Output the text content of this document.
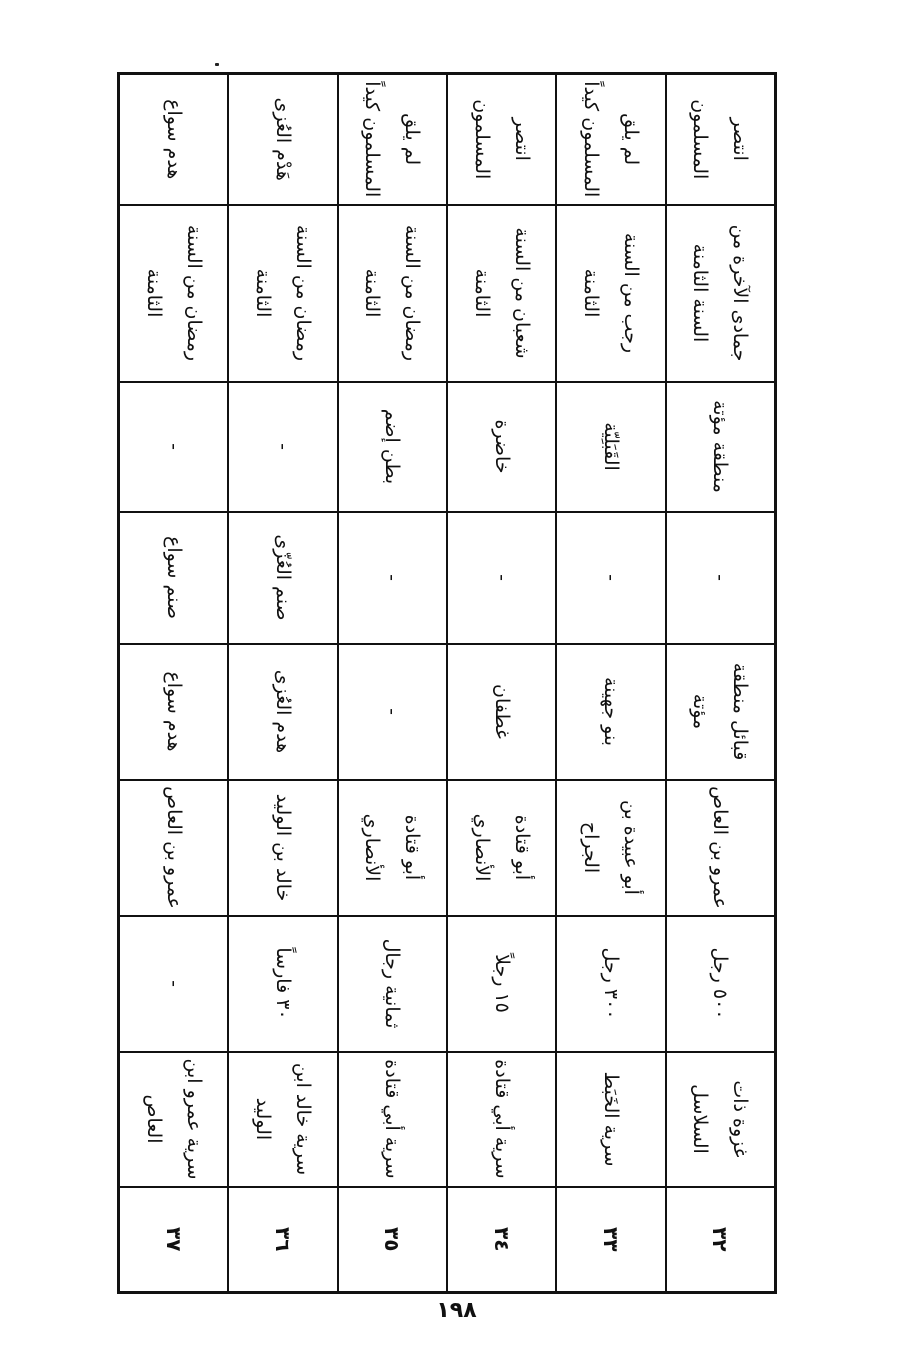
٣٢	غزوة ذات السلاسل	٥٠٠ رجل	عمرو بن العاص	قبائل منطقة مؤتة	-	منطقة مؤتة	جمادى الآخرة من السنة الثامنة	انتصر المسلمون
٣٣	سرية الخَبَط	٣٠٠ رجل	أبو عبيدة بن الجراح	بنو جهينة	-	القَبَلِيّة	رجب من السنة الثامنة	لم يلق المسلمون كيداً
٣٤	سرية أبي قتادة	١٥ رجلاً	أبو قتادة الأنصاري	غطفان	-	خاضرة	شعبان من السنة الثامنة	انتصر المسلمون
٣٥	سرية أبي قتادة	ثمانية رجال	أبو قتادة الأنصاري	-	-	بطن إضم	رمضان من السنة الثامنة	لم يلق المسلمون كيداً
٣٦	سرية خالد ابن الوليد	٣٠ فارساً	خالد بن الوليد	هدم العُزى	صنم العُزّى	-	رمضان من السنة الثامنة	هَدْم العُزى
٣٧	سرية عمرو ابن العاص	-	عمرو بن العاص	هدم سواع	صنم سواع	-	رمضان من السنة الثامنة	هدم سواع
١٩٨
